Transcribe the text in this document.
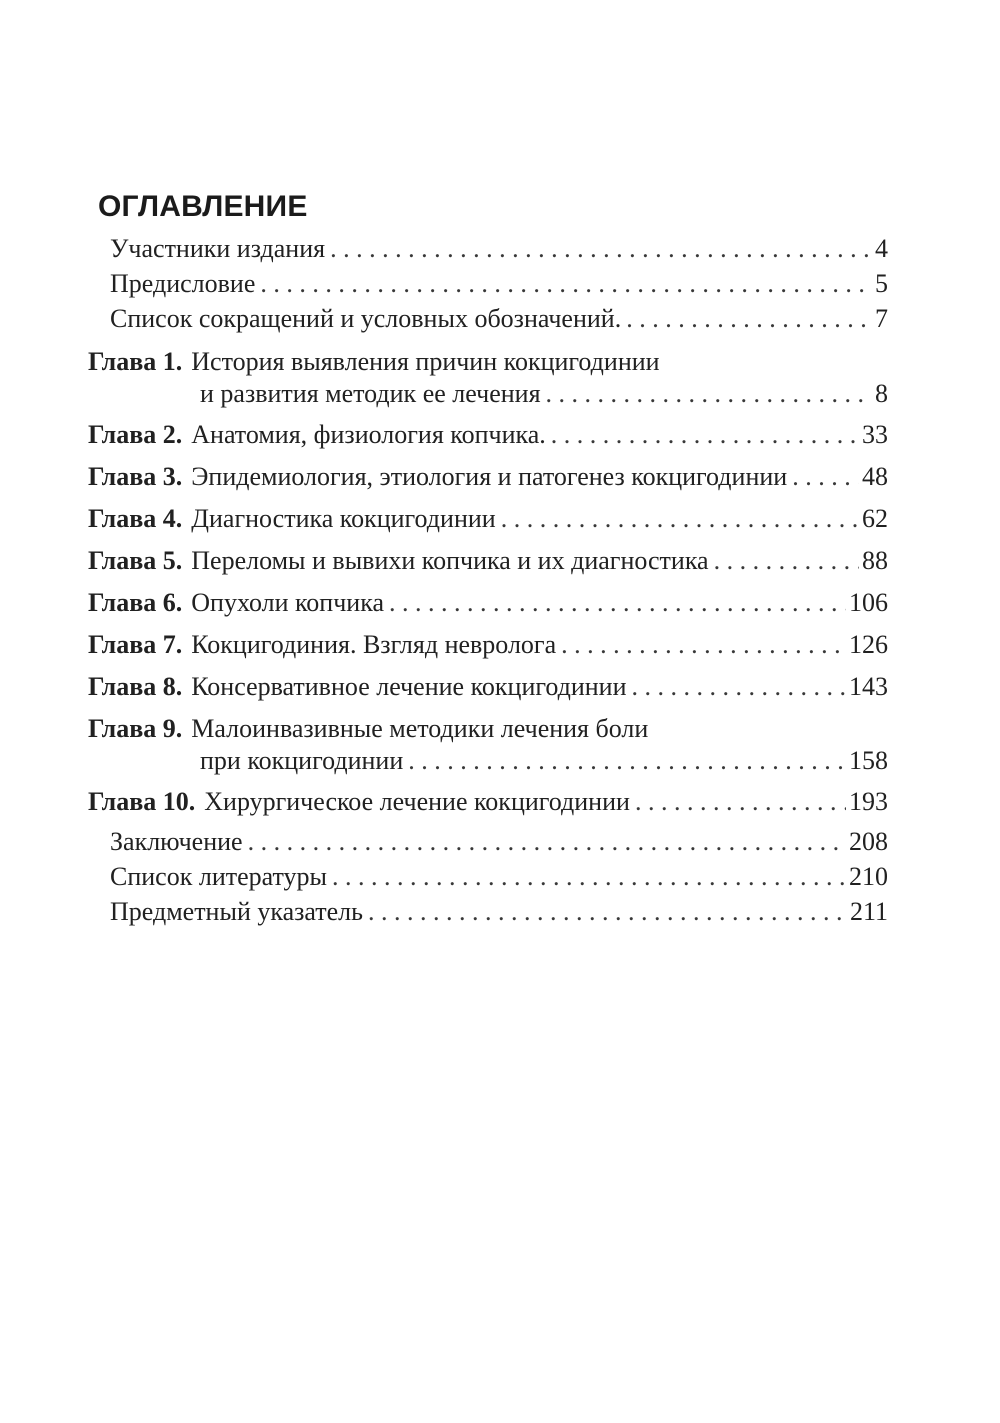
ОГЛАВЛЕНИЕ
Участники издания . . .	4
Предисловие . . .	5
Список сокращений и условных обозначений. . . .	7
Глава 1. История выявления причин кокцигодинии
и развития методик ее лечения . . .	8
Глава 2. Анатомия, физиология копчика. . . .	33
Глава 3. Эпидемиология, этиология и патогенез кокцигодинии . . .	48
Глава 4. Диагностика кокцигодинии . . .	62
Глава 5. Переломы и вывихи копчика и их диагностика . . .	88
Глава 6. Опухоли копчика . . .	106
Глава 7. Кокцигодиния. Взгляд невролога . . .	126
Глава 8. Консервативное лечение кокцигодинии . . .	143
Глава 9. Малоинвазивные методики лечения боли
при кокцигодинии . . .	158
Глава 10. Хирургическое лечение кокцигодинии . . .	193
Заключение . . .	208
Список литературы . . .	210
Предметный указатель . . .	211
